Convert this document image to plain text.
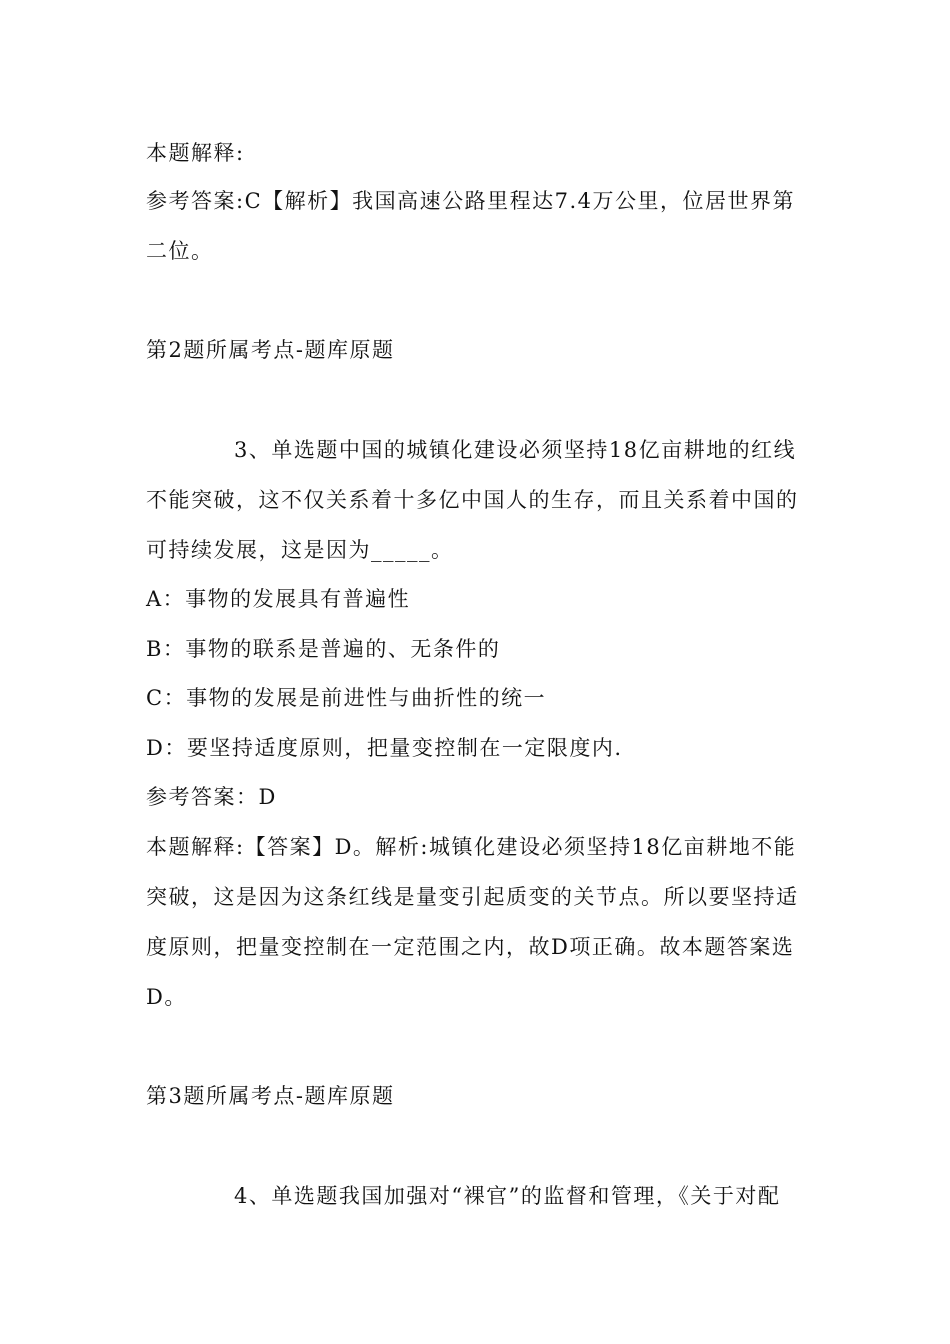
本题解释:
参考答案:C【解析】我国高速公路里程达7.4万公里，位居世界第
二位。
第2题所属考点-题库原题
3、单选题中国的城镇化建设必须坚持18亿亩耕地的红线
不能突破，这不仅关系着十多亿中国人的生存，而且关系着中国的
可持续发展，这是因为_____。
A：事物的发展具有普遍性
B：事物的联系是普遍的、无条件的
C：事物的发展是前进性与曲折性的统一
D：要坚持适度原则，把量变控制在一定限度内.
参考答案：D
本题解释:【答案】D。解析:城镇化建设必须坚持18亿亩耕地不能
突破，这是因为这条红线是量变引起质变的关节点。所以要坚持适
度原则，把量变控制在一定范围之内，故D项正确。故本题答案选
D。
第3题所属考点-题库原题
4、单选题我国加强对“裸官”的监督和管理，《关于对配
